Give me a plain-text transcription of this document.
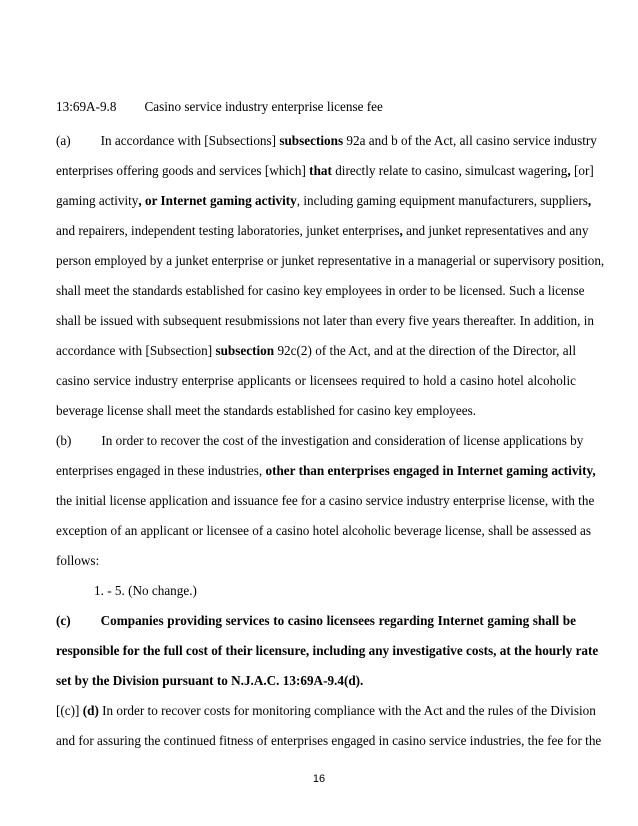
13:69A-9.8 Casino service industry enterprise license fee
(a) In accordance with [Subsections] subsections 92a and b of the Act, all casino service industry
enterprises offering goods and services [which] that directly relate to casino, simulcast wagering, [or]
gaming activity, or Internet gaming activity, including gaming equipment manufacturers, suppliers,
and repairers, independent testing laboratories, junket enterprises, and junket representatives and any
person employed by a junket enterprise or junket representative in a managerial or supervisory position,
shall meet the standards established for casino key employees in order to be licensed. Such a license
shall be issued with subsequent resubmissions not later than every five years thereafter. In addition, in
accordance with [Subsection] subsection 92c(2) of the Act, and at the direction of the Director, all
casino service industry enterprise applicants or licensees required to hold a casino hotel alcoholic
beverage license shall meet the standards established for casino key employees.
(b) In order to recover the cost of the investigation and consideration of license applications by
enterprises engaged in these industries, other than enterprises engaged in Internet gaming activity,
the initial license application and issuance fee for a casino service industry enterprise license, with the
exception of an applicant or licensee of a casino hotel alcoholic beverage license, shall be assessed as
follows:
1. - 5. (No change.)
(c) Companies providing services to casino licensees regarding Internet gaming shall be
responsible for the full cost of their licensure, including any investigative costs, at the hourly rate
set by the Division pursuant to N.J.A.C. 13:69A-9.4(d).
[(c)] (d) In order to recover costs for monitoring compliance with the Act and the rules of the Division
and for assuring the continued fitness of enterprises engaged in casino service industries, the fee for the
16
